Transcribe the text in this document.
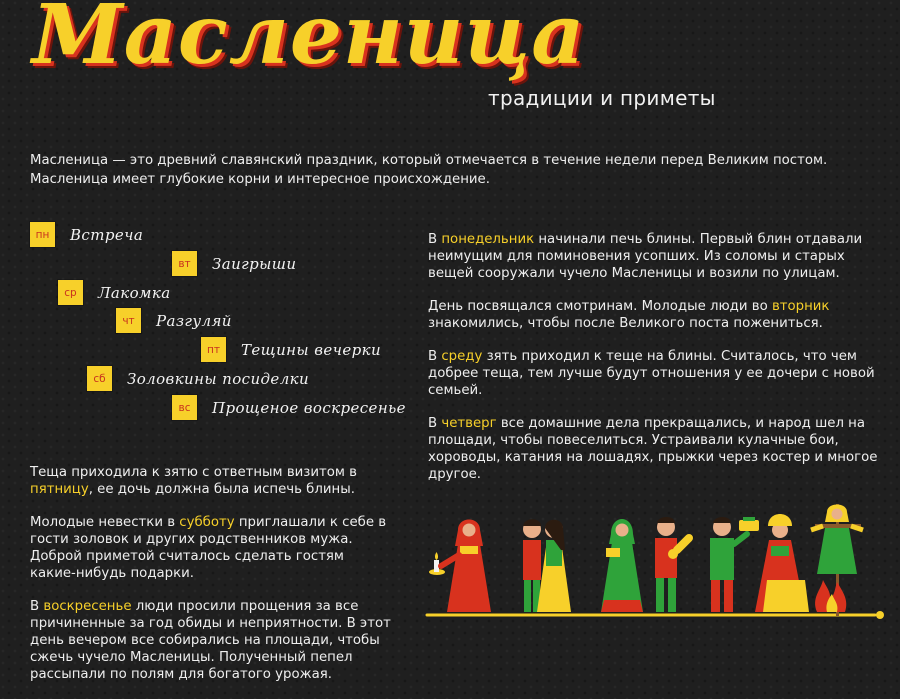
Масленица
традиции и приметы
Масленица — это древний славянский праздник, который отмечается в течение недели перед Великим постом. Масленица имеет глубокие корни и интересное происхождение.
пн	Встреча
вт	Заигрыши
ср	Лакомка
чт	Разгуляй
пт	Тещины вечерки
сб	Золовкины посиделки
вс	Прощеное воскресенье

В понедельник начинали печь блины. Первый блин отдавали неимущим для поминовения усопших. Из соломы и старых вещей сооружали чучело Масленицы и возили по улицам.

День посвящался смотринам. Молодые люди во вторник знакомились, чтобы после Великого поста пожениться.

В среду зять приходил к теще на блины. Считалось, что чем добрее теща, тем лучше будут отношения у ее дочери с новой семьей.

В четверг все домашние дела прекращались, и народ шел на площади, чтобы повеселиться. Устраивали кулачные бои, хороводы, катания на лошадях, прыжки через костер и многое другое.

Теща приходила к зятю с ответным визитом в пятницу, ее дочь должна была испечь блины.

Молодые невестки в субботу приглашали к себе в гости золовок и других родственников мужа. Доброй приметой считалось сделать гостям какие-нибудь подарки.

В воскресенье люди просили прощения за все причиненные за год обиды и неприятности. В этот день вечером все собирались на площади, чтобы сжечь чучело Масленицы. Полученный пепел рассыпали по полям для богатого урожая.
